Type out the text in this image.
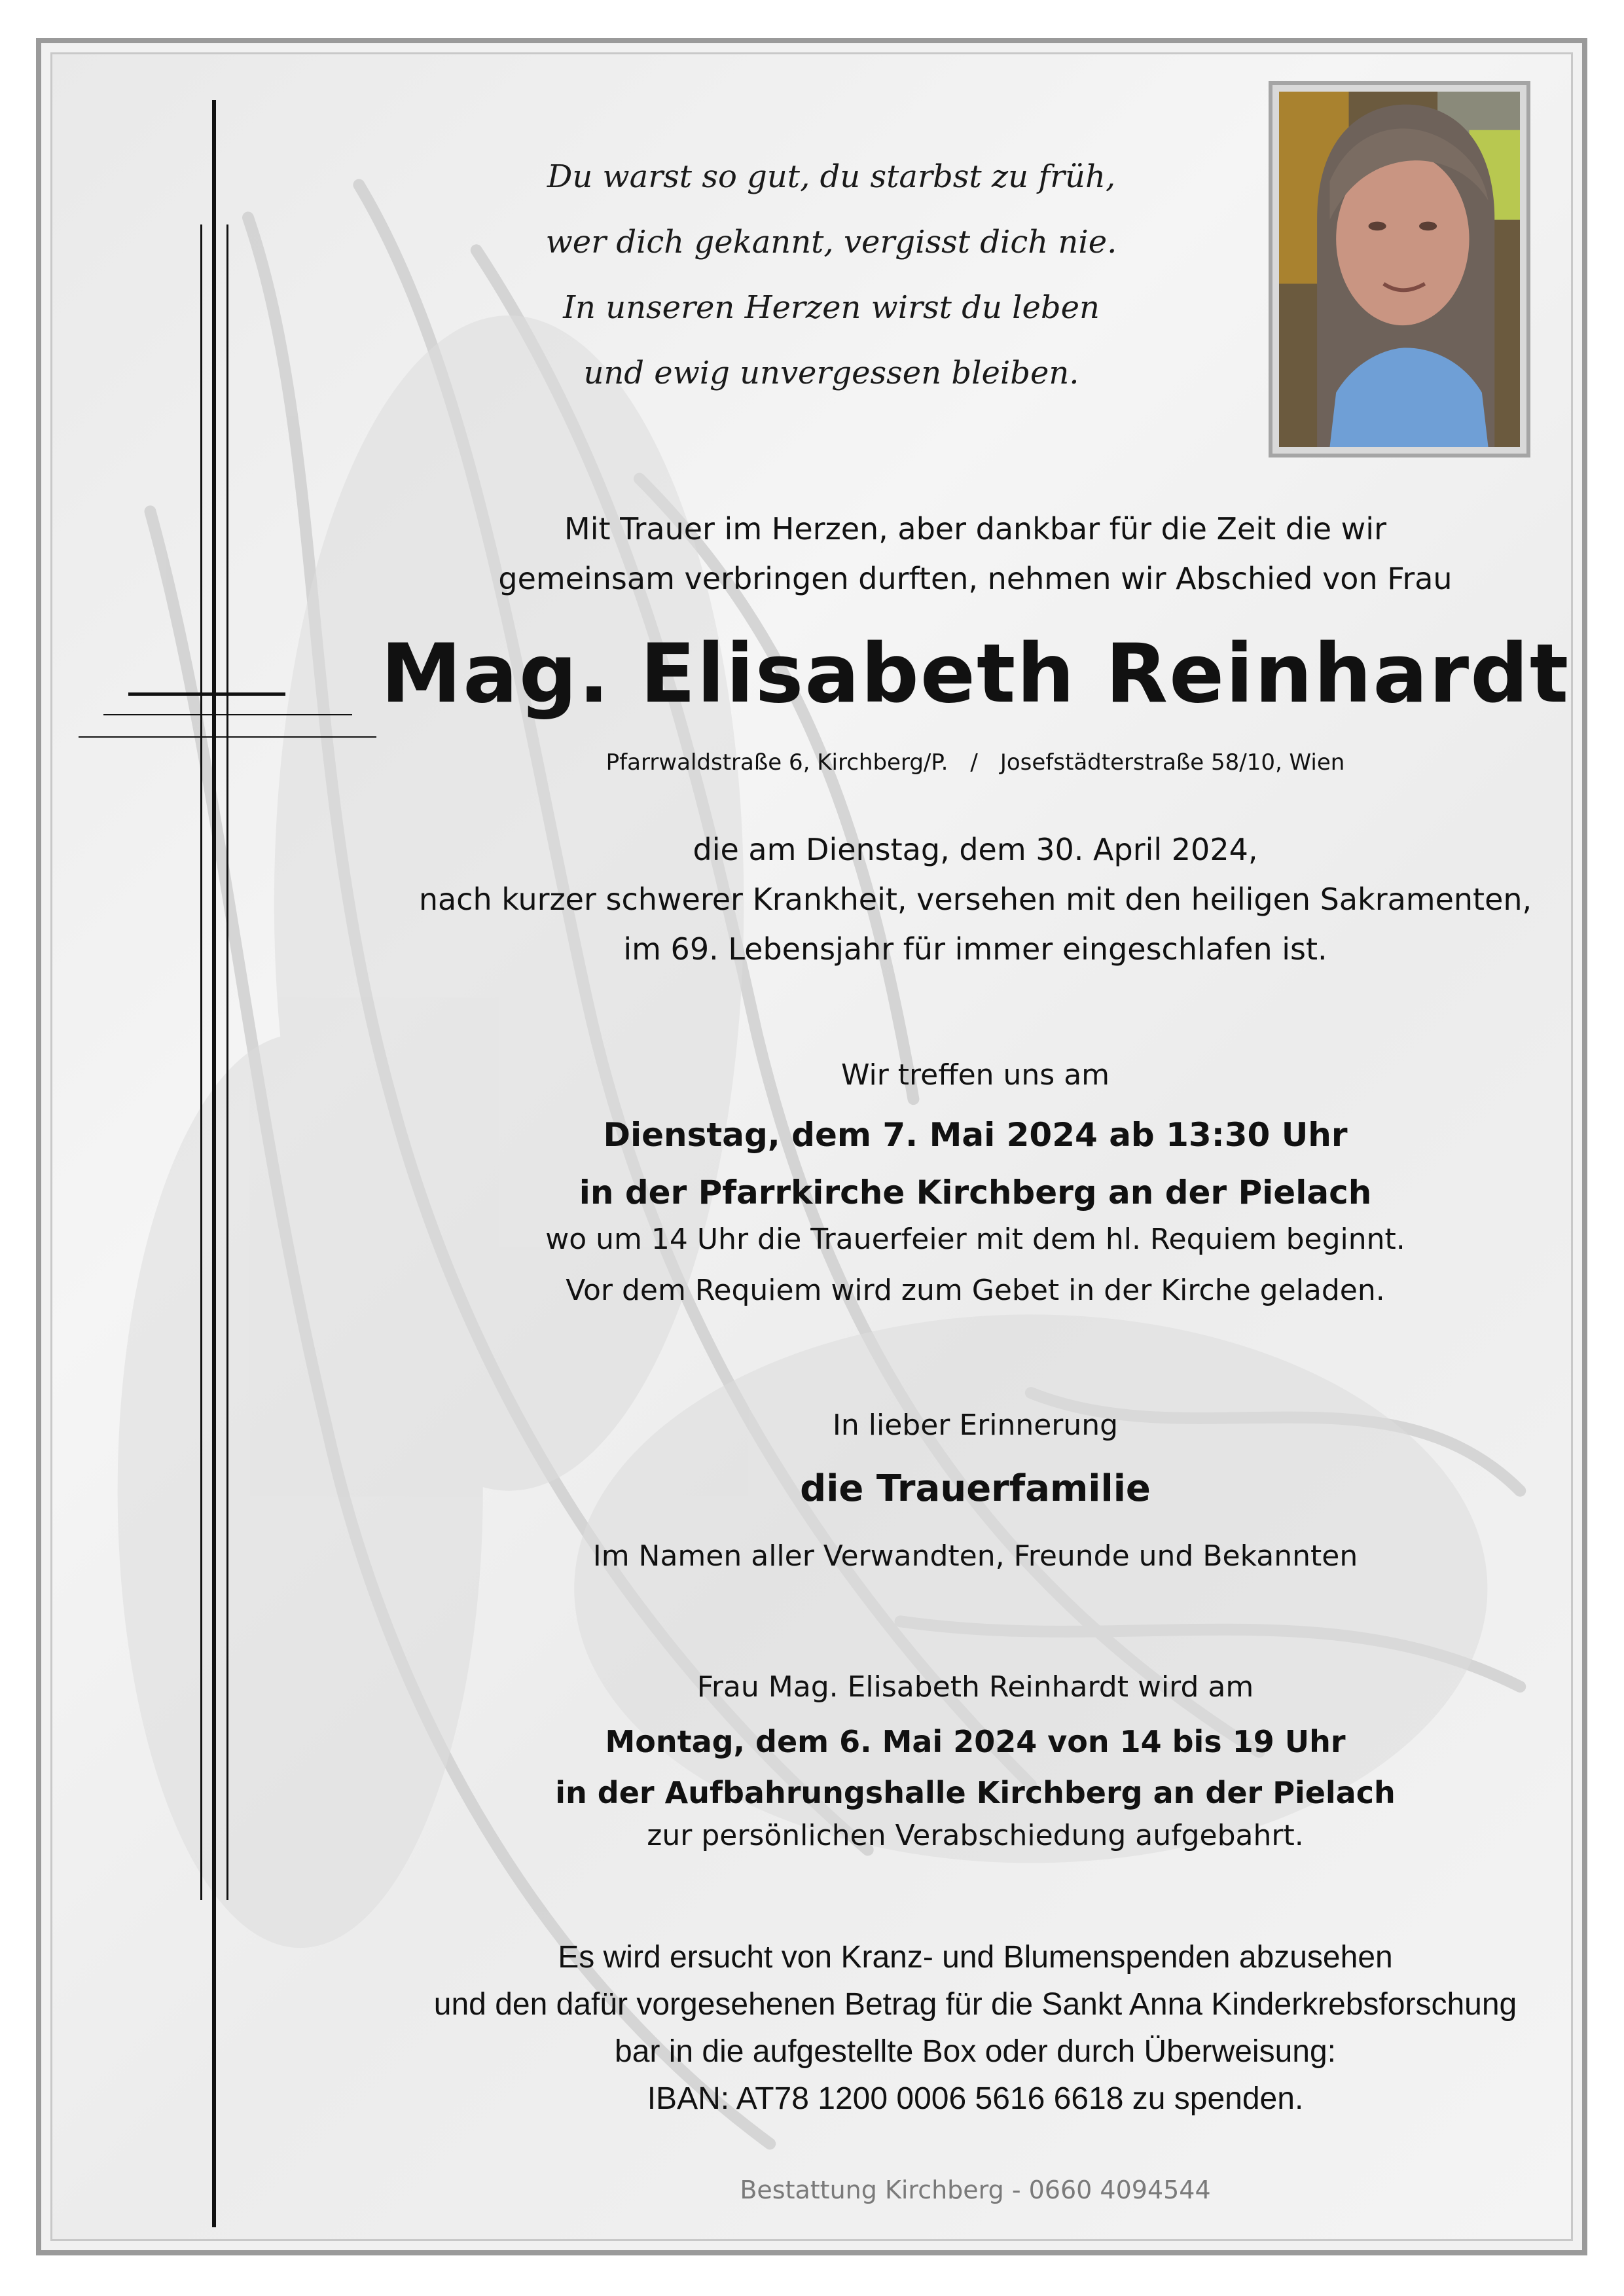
Du warst so gut, du starbst zu früh,
wer dich gekannt, vergisst dich nie.
In unseren Herzen wirst du leben
und ewig unvergessen bleiben.
Mit Trauer im Herzen, aber dankbar für die Zeit die wir
gemeinsam verbringen durften, nehmen wir Abschied von Frau
Mag. Elisabeth Reinhardt
Pfarrwaldstraße 6, Kirchberg/P. / Josefstädterstraße 58/10, Wien
die am Dienstag, dem 30. April 2024,
nach kurzer schwerer Krankheit, versehen mit den heiligen Sakramenten,
im 69. Lebensjahr für immer eingeschlafen ist.
Wir treffen uns am
Dienstag, dem 7. Mai 2024 ab 13:30 Uhr
in der Pfarrkirche Kirchberg an der Pielach
wo um 14 Uhr die Trauerfeier mit dem hl. Requiem beginnt.
Vor dem Requiem wird zum Gebet in der Kirche geladen.
In lieber Erinnerung
die Trauerfamilie
Im Namen aller Verwandten, Freunde und Bekannten
Frau Mag. Elisabeth Reinhardt wird am
Montag, dem 6. Mai 2024 von 14 bis 19 Uhr
in der Aufbahrungshalle Kirchberg an der Pielach
zur persönlichen Verabschiedung aufgebahrt.
Es wird ersucht von Kranz- und Blumenspenden abzusehen
und den dafür vorgesehenen Betrag für die Sankt Anna Kinderkrebsforschung
bar in die aufgestellte Box oder durch Überweisung:
IBAN: AT78 1200 0006 5616 6618 zu spenden.
Bestattung Kirchberg - 0660 4094544
